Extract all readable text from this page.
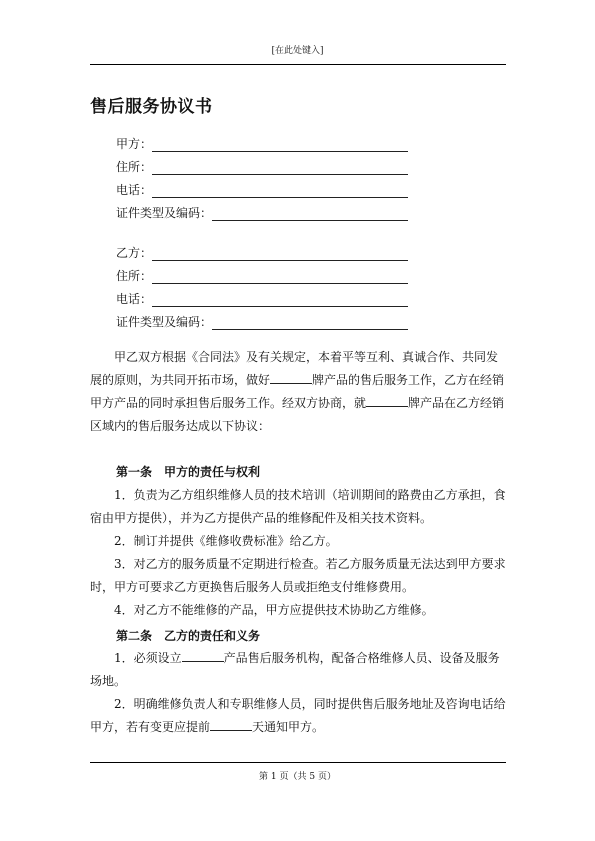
[在此处键入]
售后服务协议书
甲方：
住所：
电话：
证件类型及编码：
乙方：
住所：
电话：
证件类型及编码：
甲乙双方根据《合同法》及有关规定，本着平等互利、真诚合作、共同发展的原则，为共同开拓市场，做好	牌产品的售后服务工作，乙方在经销甲方产品的同时承担售后服务工作。经双方协商，就	牌产品在乙方经销区域内的售后服务达成以下协议：
第一条　甲方的责任与权利
1．负责为乙方组织维修人员的技术培训（培训期间的路费由乙方承担，食宿由甲方提供），并为乙方提供产品的维修配件及相关技术资料。
2．制订并提供《维修收费标准》给乙方。
3．对乙方的服务质量不定期进行检查。若乙方服务质量无法达到甲方要求时，甲方可要求乙方更换售后服务人员或拒绝支付维修费用。
4．对乙方不能维修的产品，甲方应提供技术协助乙方维修。
第二条　乙方的责任和义务
1．必须设立	产品售后服务机构，配备合格维修人员、设备及服务场地。
2．明确维修负责人和专职维修人员，同时提供售后服务地址及咨询电话给甲方，若有变更应提前	天通知甲方。
第 1 页（共 5 页）
